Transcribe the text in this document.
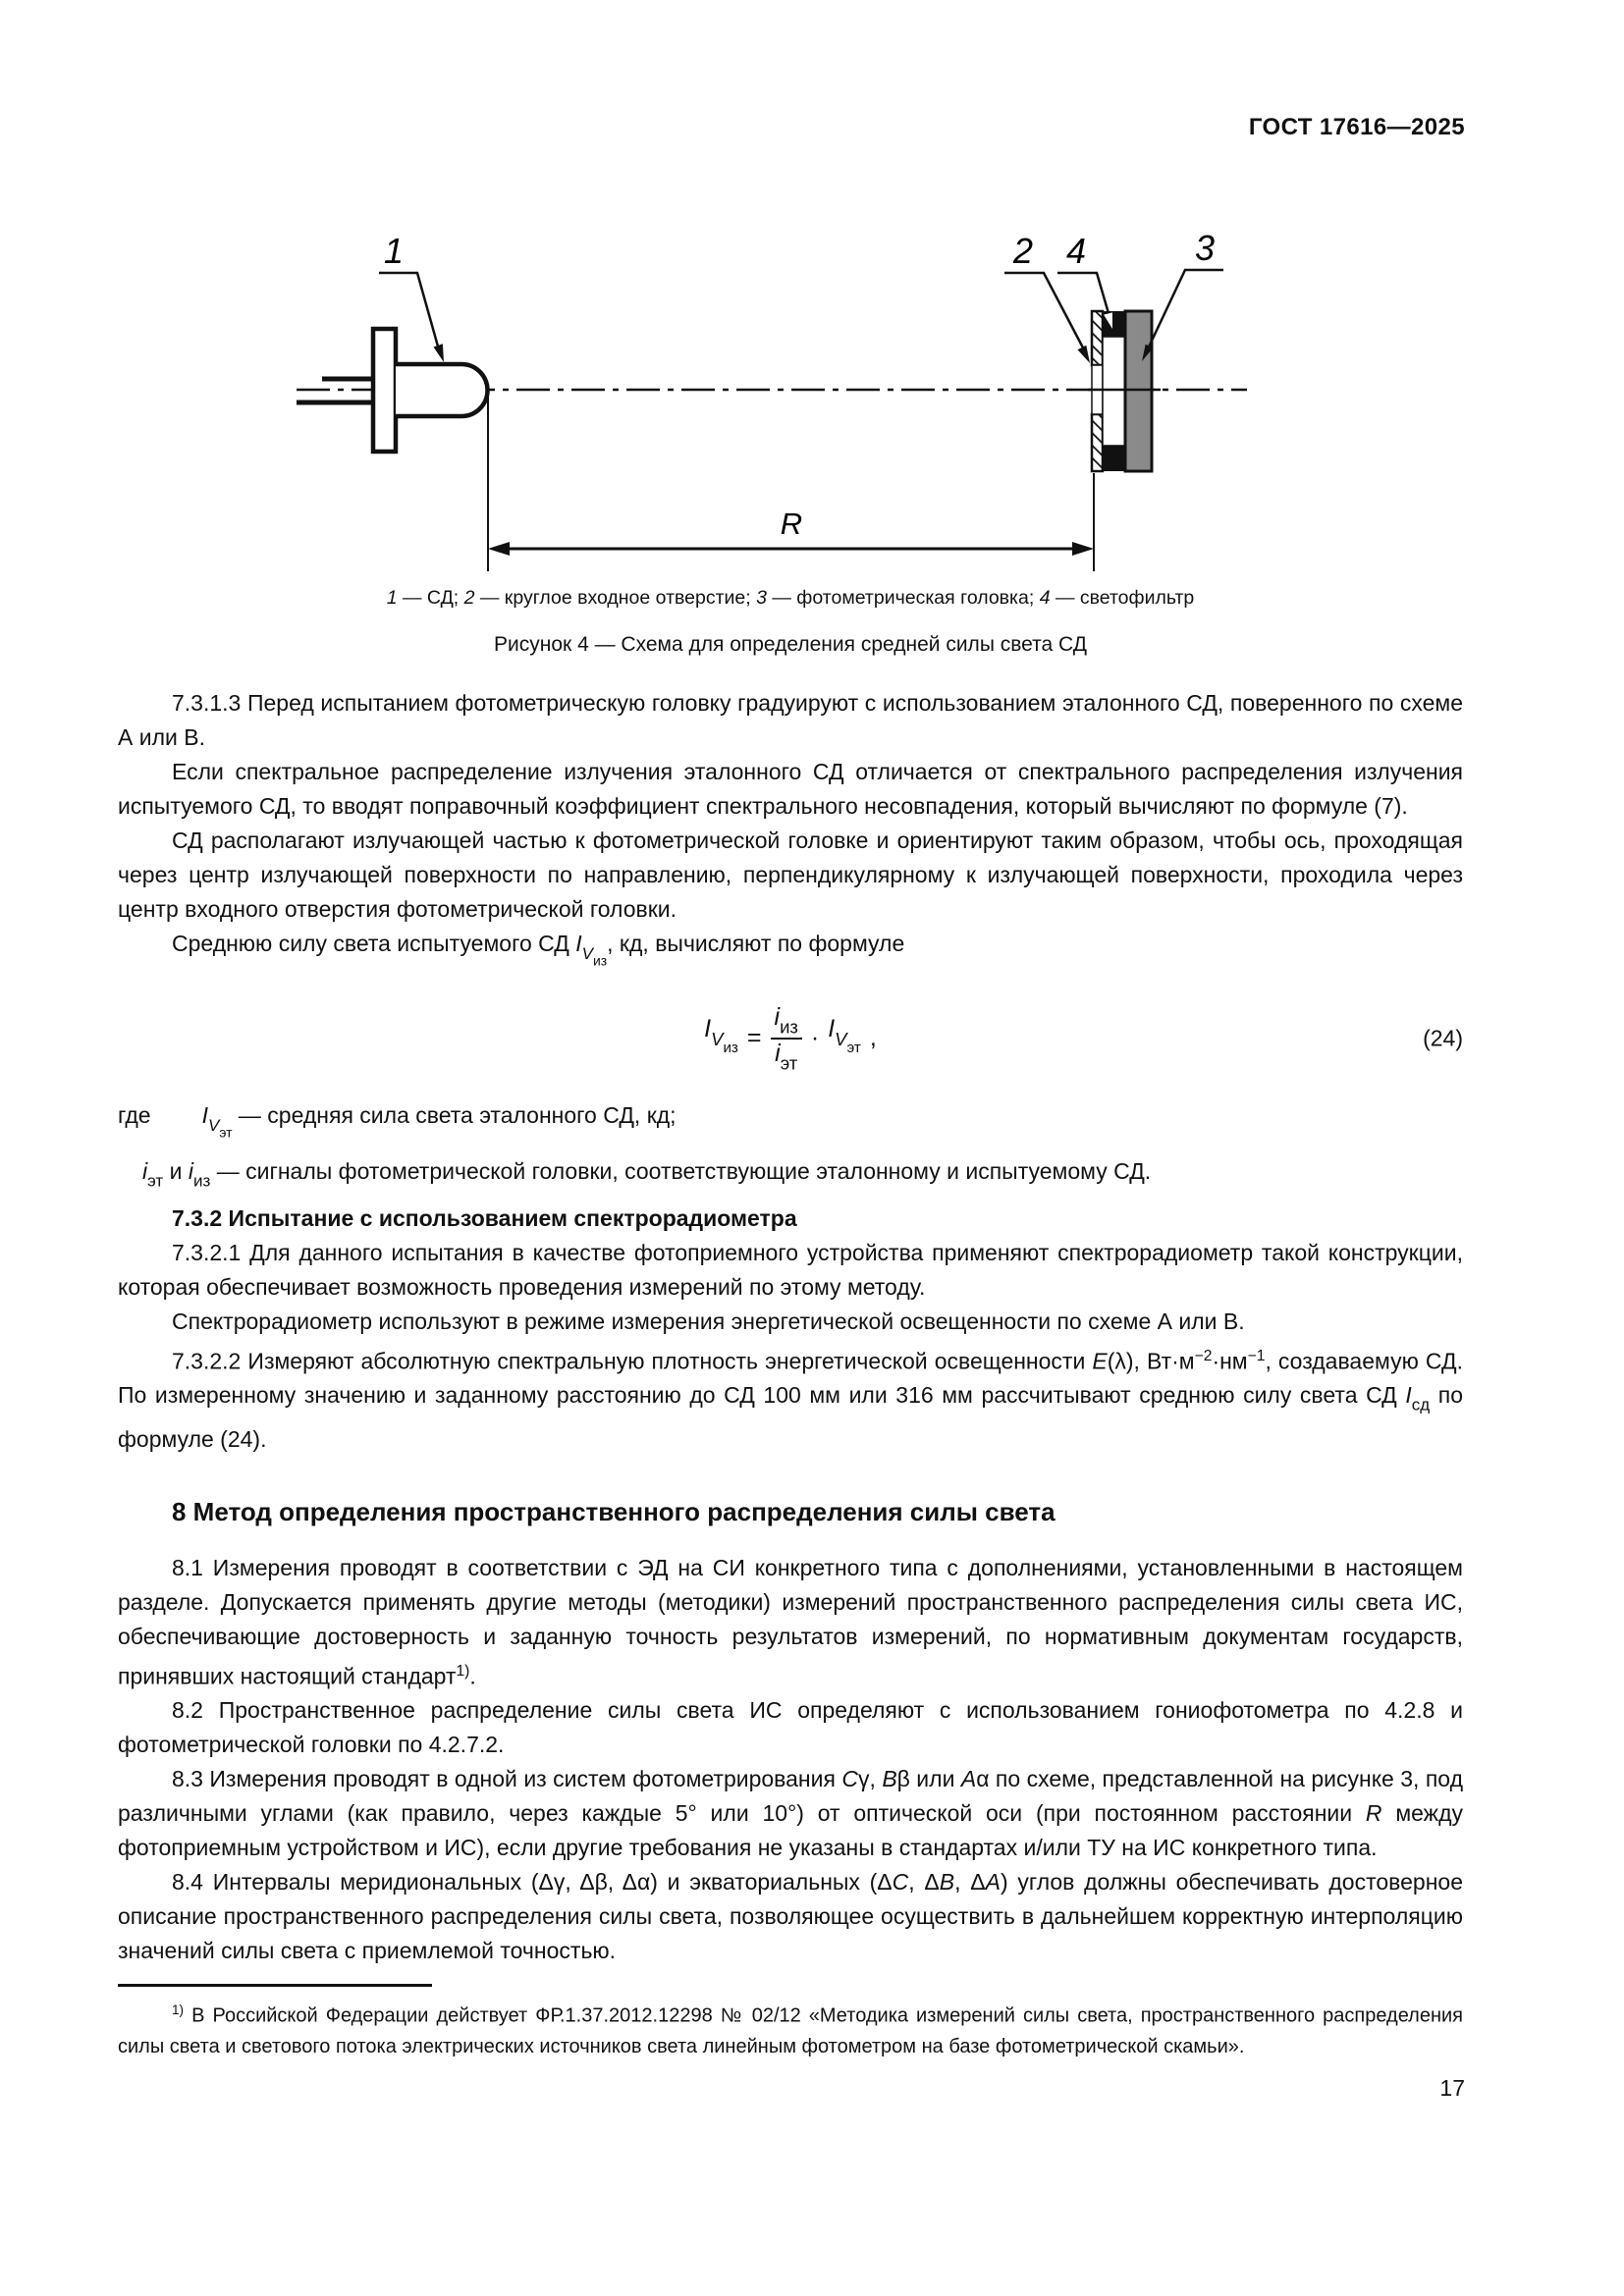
ГОСТ 17616—2025
1	2 4	3
R
1 — СД; 2 — круглое входное отверстие; 3 — фотометрическая головка; 4 — светофильтр
Рисунок 4 — Схема для определения средней силы света СД

7.3.1.3 Перед испытанием фотометрическую головку градуируют с использованием эталонного СД, поверенного по схеме А или В.

Если спектральное распределение излучения эталонного СД отличается от спектрального распределения излучения испытуемого СД, то вводят поправочный коэффициент спектрального несовпадения, который вычисляют по формуле (7).

СД располагают излучающей частью к фотометрической головке и ориентируют таким образом, чтобы ось, проходящая через центр излучающей поверхности по направлению, перпендикулярному к излучающей поверхности, проходила через центр входного отверстия фотометрической головки.

Среднюю силу света испытуемого СД $I_{V_{из}}$, кд, вычисляют по формуле

$I_{V_{из}} = \frac{i_{из}}{i_{эт}} \cdot I_{V_{эт}}$ ,	(24)
где $I_{V_{эт}}$ — средняя сила света эталонного СД, кд;
$i_{эт}$ и $i_{из}$ — сигналы фотометрической головки, соответствующие эталонному и испытуемому СД.

7.3.2 Испытание с использованием спектрорадиометра

7.3.2.1 Для данного испытания в качестве фотоприемного устройства применяют спектрорадиометр такой конструкции, которая обеспечивает возможность проведения измерений по этому методу.

Спектрорадиометр используют в режиме измерения энергетической освещенности по схеме А или В.

7.3.2.2 Измеряют абсолютную спектральную плотность энергетической освещенности E(λ), $Вт\cdot м^{-2}\cdot нм^{-1}$, создаваемую СД. По измеренному значению и заданному расстоянию до СД 100 мм или 316 мм рассчитывают среднюю силу света СД $I_{сд}$ по формуле (24).

8 Метод определения пространственного распределения силы света

8.1 Измерения проводят в соответствии с ЭД на СИ конкретного типа с дополнениями, установленными в настоящем разделе. Допускается применять другие методы (методики) измерений пространственного распределения силы света ИС, обеспечивающие достоверность и заданную точность результатов измерений, по нормативным документам государств, принявших настоящий стандарт$^{1)}$.

8.2 Пространственное распределение силы света ИС определяют с использованием гониофотометра по 4.2.8 и фотометрической головки по 4.2.7.2.

8.3 Измерения проводят в одной из систем фотометрирования Cγ, Bβ или Aα по схеме, представленной на рисунке 3, под различными углами (как правило, через каждые 5° или 10°) от оптической оси (при постоянном расстоянии R между фотоприемным устройством и ИС), если другие требования не указаны в стандартах и/или ТУ на ИС конкретного типа.

8.4 Интервалы меридиональных (Δγ, Δβ, Δα) и экваториальных (ΔC, ΔB, ΔA) углов должны обеспечивать достоверное описание пространственного распределения силы света, позволяющее осуществить в дальнейшем корректную интерполяцию значений силы света с приемлемой точностью.

$^{1)}$ В Российской Федерации действует ФР.1.37.2012.12298 № 02/12 «Методика измерений силы света, пространственного распределения силы света и светового потока электрических источников света линейным фотометром на базе фотометрической скамьи».
17
